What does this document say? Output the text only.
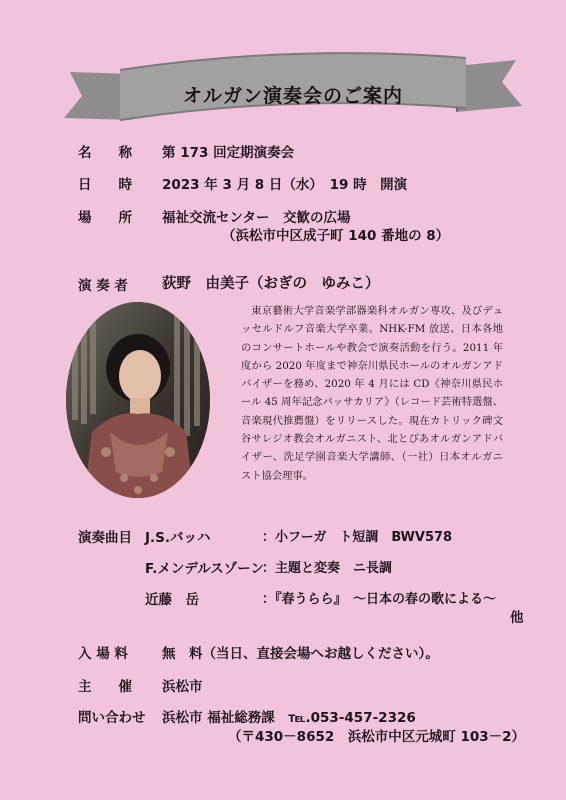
オルガン演奏会のご案内
名　　称 第 173 回定期演奏会
日　　時 2023 年 3 月 8 日（水）　19 時　開演
場　　所 福祉交流センター　交歓の広場
（浜松市中区成子町 140 番地の 8）
演 奏 者 荻野　由美子（おぎの　ゆみこ）
東京藝術大学音楽学部器楽科オルガン専攻、及びデュッセルドルフ音楽大学卒業。NHK-FM 放送、日本各地のコンサートホールや教会で演奏活動を行う。2011 年度から 2020 年度まで神奈川県民ホールのオルガンアドバイザーを務め、2020 年 4 月には CD《神奈川県民ホール 45 周年記念パッサカリア》（レコード芸術特選盤、音楽現代推薦盤）をリリースした。現在カトリック碑文谷サレジオ教会オルガニスト、北とぴあオルガンアドバイザー、洗足学園音楽大学講師、（一社）日本オルガニスト協会理事。
演奏曲目 J.S.バッハ	：小フーガ　ト短調　BWV578
F.メンデルスゾーン
：主題と変奏　ニ長調
近藤　岳	：『春うらら』　～日本の春の歌による～
他
入 場 料	無　料（当日、直接会場へお越しください）。
主　　催 浜松市
問い合わせ 浜松市 福祉総務課　℡.053-457-2326
（〒430－8652　浜松市中区元城町 103－2）
